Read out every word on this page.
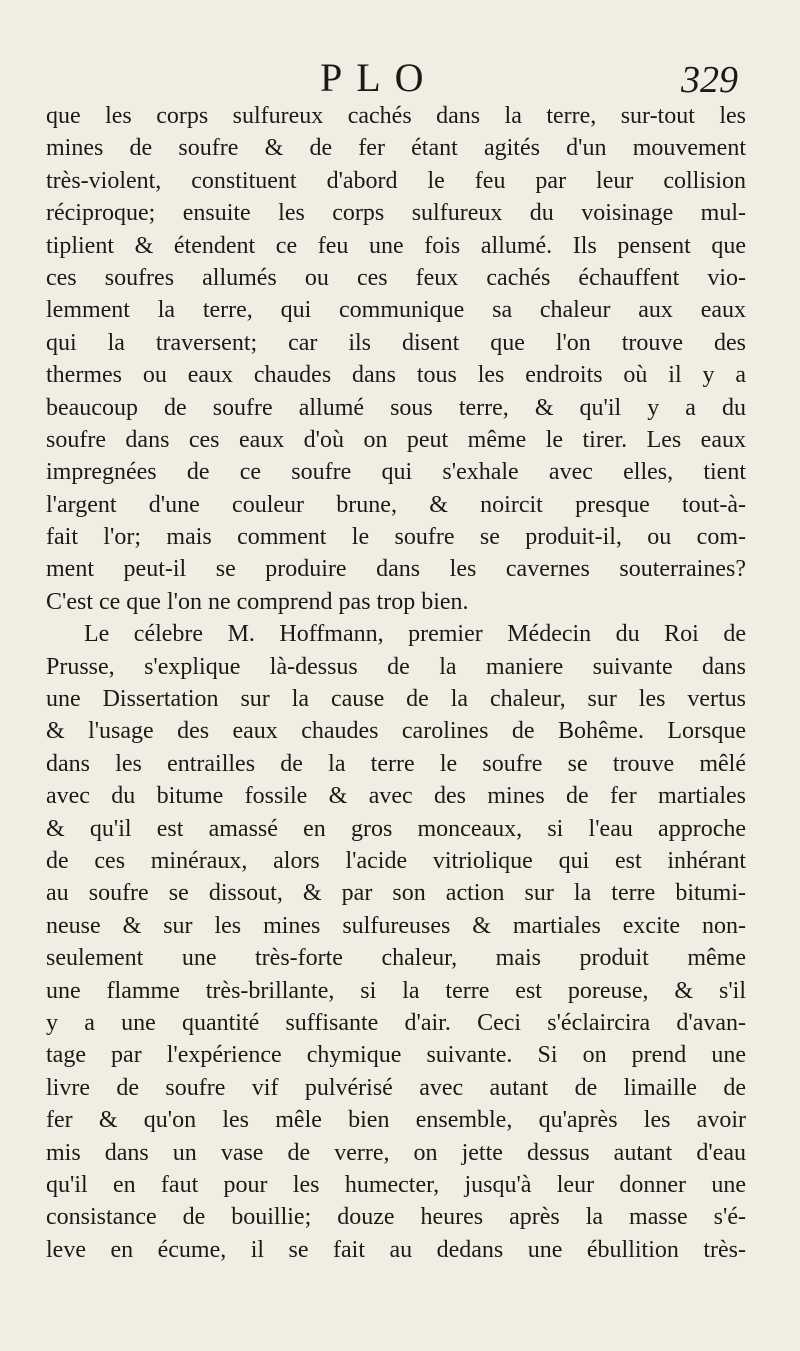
PLO	329
que les corps sulfureux cachés dans la terre, sur-tout les
mines de soufre & de fer étant agités d'un mouvement
très-violent, constituent d'abord le feu par leur collision
réciproque; ensuite les corps sulfureux du voisinage mul-
tiplient & étendent ce feu une fois allumé. Ils pensent que
ces soufres allumés ou ces feux cachés échauffent vio-
lemment la terre, qui communique sa chaleur aux eaux
qui la traversent; car ils disent que l'on trouve des
thermes ou eaux chaudes dans tous les endroits où il y a
beaucoup de soufre allumé sous terre, & qu'il y a du
soufre dans ces eaux d'où on peut même le tirer. Les eaux
impregnées de ce soufre qui s'exhale avec elles, tient
l'argent d'une couleur brune, & noircit presque tout-à-
fait l'or; mais comment le soufre se produit-il, ou com-
ment peut-il se produire dans les cavernes souterraines?
C'est ce que l'on ne comprend pas trop bien.
Le célebre M. Hoffmann, premier Médecin du Roi de
Prusse, s'explique là-dessus de la maniere suivante dans
une Dissertation sur la cause de la chaleur, sur les vertus
& l'usage des eaux chaudes carolines de Bohême. Lorsque
dans les entrailles de la terre le soufre se trouve mêlé
avec du bitume fossile & avec des mines de fer martiales
& qu'il est amassé en gros monceaux, si l'eau approche
de ces minéraux, alors l'acide vitriolique qui est inhérant
au soufre se dissout, & par son action sur la terre bitumi-
neuse & sur les mines sulfureuses & martiales excite non-
seulement une très-forte chaleur, mais produit même
une flamme très-brillante, si la terre est poreuse, & s'il
y a une quantité suffisante d'air. Ceci s'éclaircira d'avan-
tage par l'expérience chymique suivante. Si on prend une
livre de soufre vif pulvérisé avec autant de limaille de
fer & qu'on les mêle bien ensemble, qu'après les avoir
mis dans un vase de verre, on jette dessus autant d'eau
qu'il en faut pour les humecter, jusqu'à leur donner une
consistance de bouillie; douze heures après la masse s'é-
leve en écume, il se fait au dedans une ébullition très-
